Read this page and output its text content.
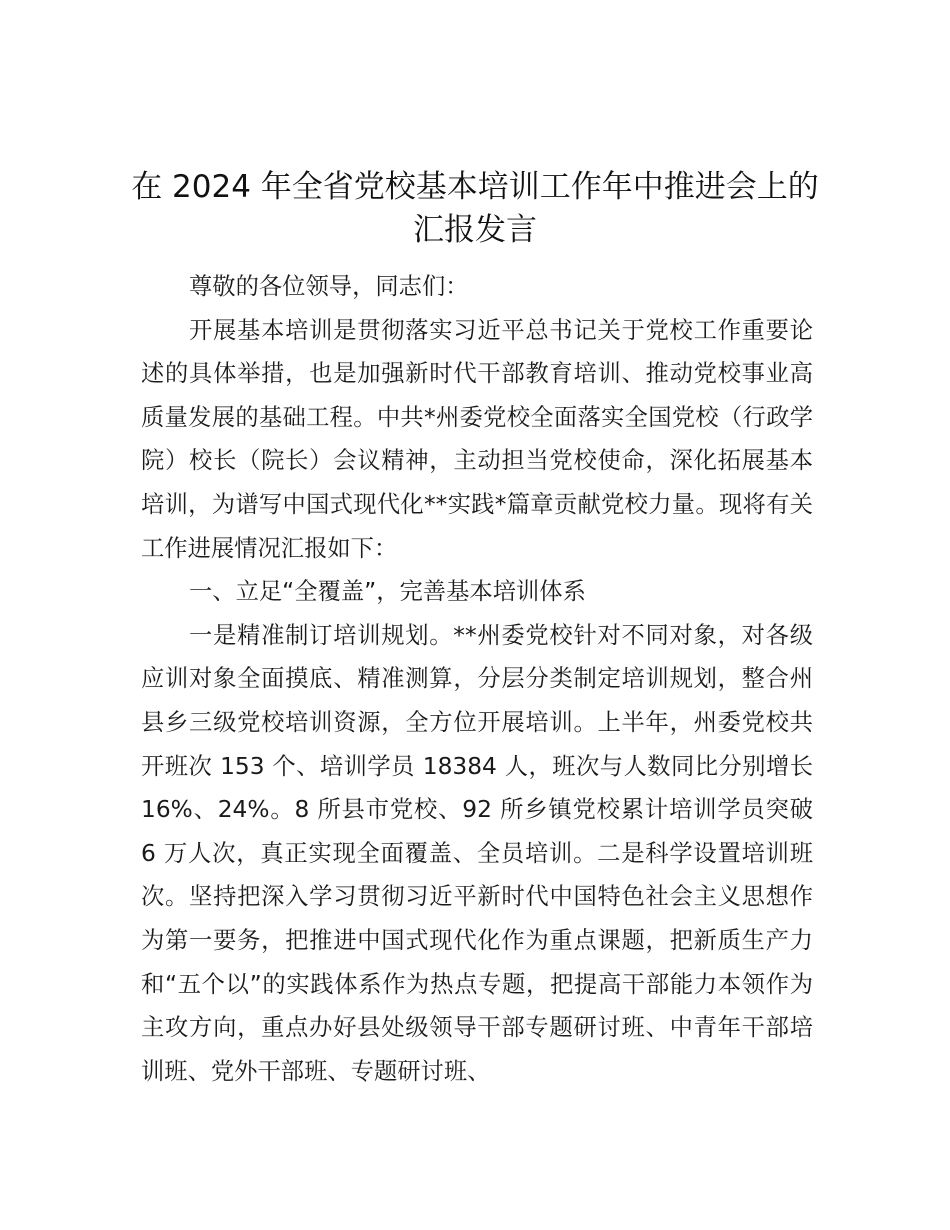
在 2024 年全省党校基本培训工作年中推进会上的汇报发言

尊敬的各位领导，同志们：

开展基本培训是贯彻落实习近平总书记关于党校工作重要论述的具体举措，也是加强新时代干部教育培训、推动党校事业高质量发展的基础工程。中共*州委党校全面落实全国党校（行政学院）校长（院长）会议精神，主动担当党校使命，深化拓展基本培训，为谱写中国式现代化**实践*篇章贡献党校力量。现将有关工作进展情况汇报如下：

一、立足“全覆盖”，完善基本培训体系

一是精准制订培训规划。**州委党校针对不同对象，对各级应训对象全面摸底、精准测算，分层分类制定培训规划，整合州县乡三级党校培训资源，全方位开展培训。上半年，州委党校共开班次 153 个、培训学员 18384 人，班次与人数同比分别增长 16%、24%。8 所县市党校、92 所乡镇党校累计培训学员突破 6 万人次，真正实现全面覆盖、全员培训。二是科学设置培训班次。坚持把深入学习贯彻习近平新时代中国特色社会主义思想作为第一要务，把推进中国式现代化作为重点课题，把新质生产力和“五个以”的实践体系作为热点专题，把提高干部能力本领作为主攻方向，重点办好县处级领导干部专题研讨班、中青年干部培训班、党外干部班、专题研讨班、
